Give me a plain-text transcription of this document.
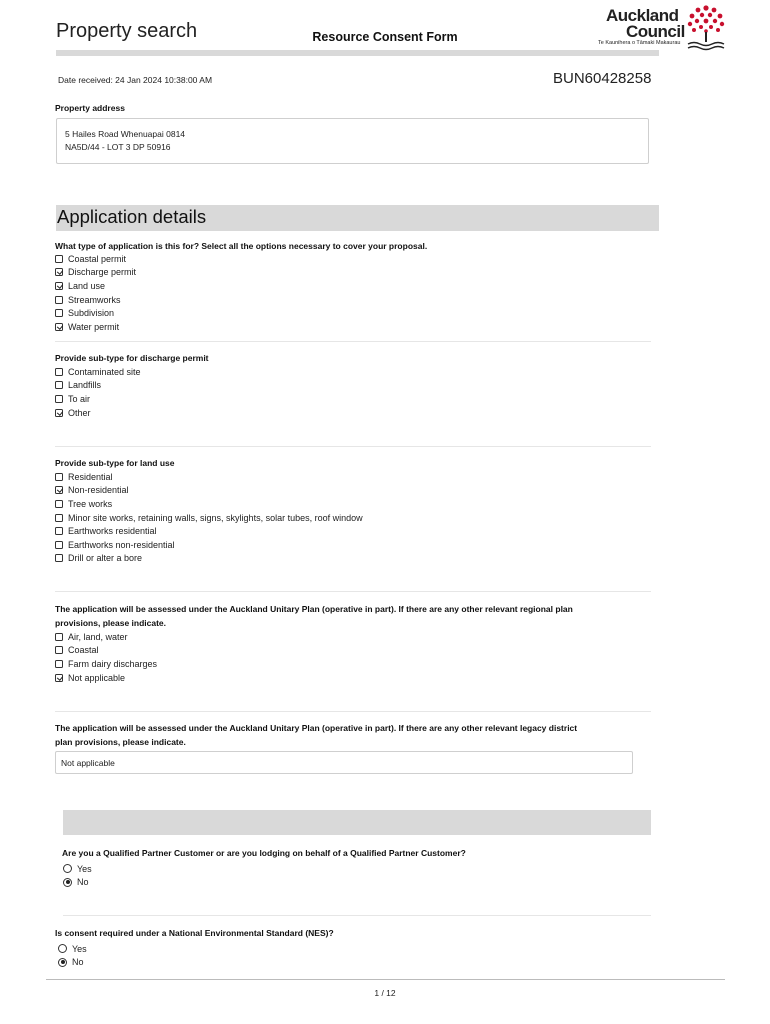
Property search	Resource Consent Form
Auckland
Council
Te Kaunihera o Tāmaki Makaurau
Date received: 24 Jan 2024 10:38:00 AM	BUN60428258
Property address
5 Hailes Road Whenuapai 0814
NA5D/44 - LOT 3 DP 50916
Application details
What type of application is this for? Select all the options necessary to cover your proposal.
Coastal permit
Discharge permit
Land use
Streamworks
Subdivision
Water permit
Provide sub-type for discharge permit
Contaminated site
Landfills
To air
Other
Provide sub-type for land use
Residential
Non-residential
Tree works
Minor site works, retaining walls, signs, skylights, solar tubes, roof window
Earthworks residential
Earthworks non-residential
Drill or alter a bore
The application will be assessed under the Auckland Unitary Plan (operative in part). If there are any other relevant regional plan
provisions, please indicate.
Air, land, water
Coastal
Farm dairy discharges
Not applicable
The application will be assessed under the Auckland Unitary Plan (operative in part). If there are any other relevant legacy district
plan provisions, please indicate.
Not applicable
Are you a Qualified Partner Customer or are you lodging on behalf of a Qualified Partner Customer?
Yes
No
Is consent required under a National Environmental Standard (NES)?
Yes
No
1 / 12
